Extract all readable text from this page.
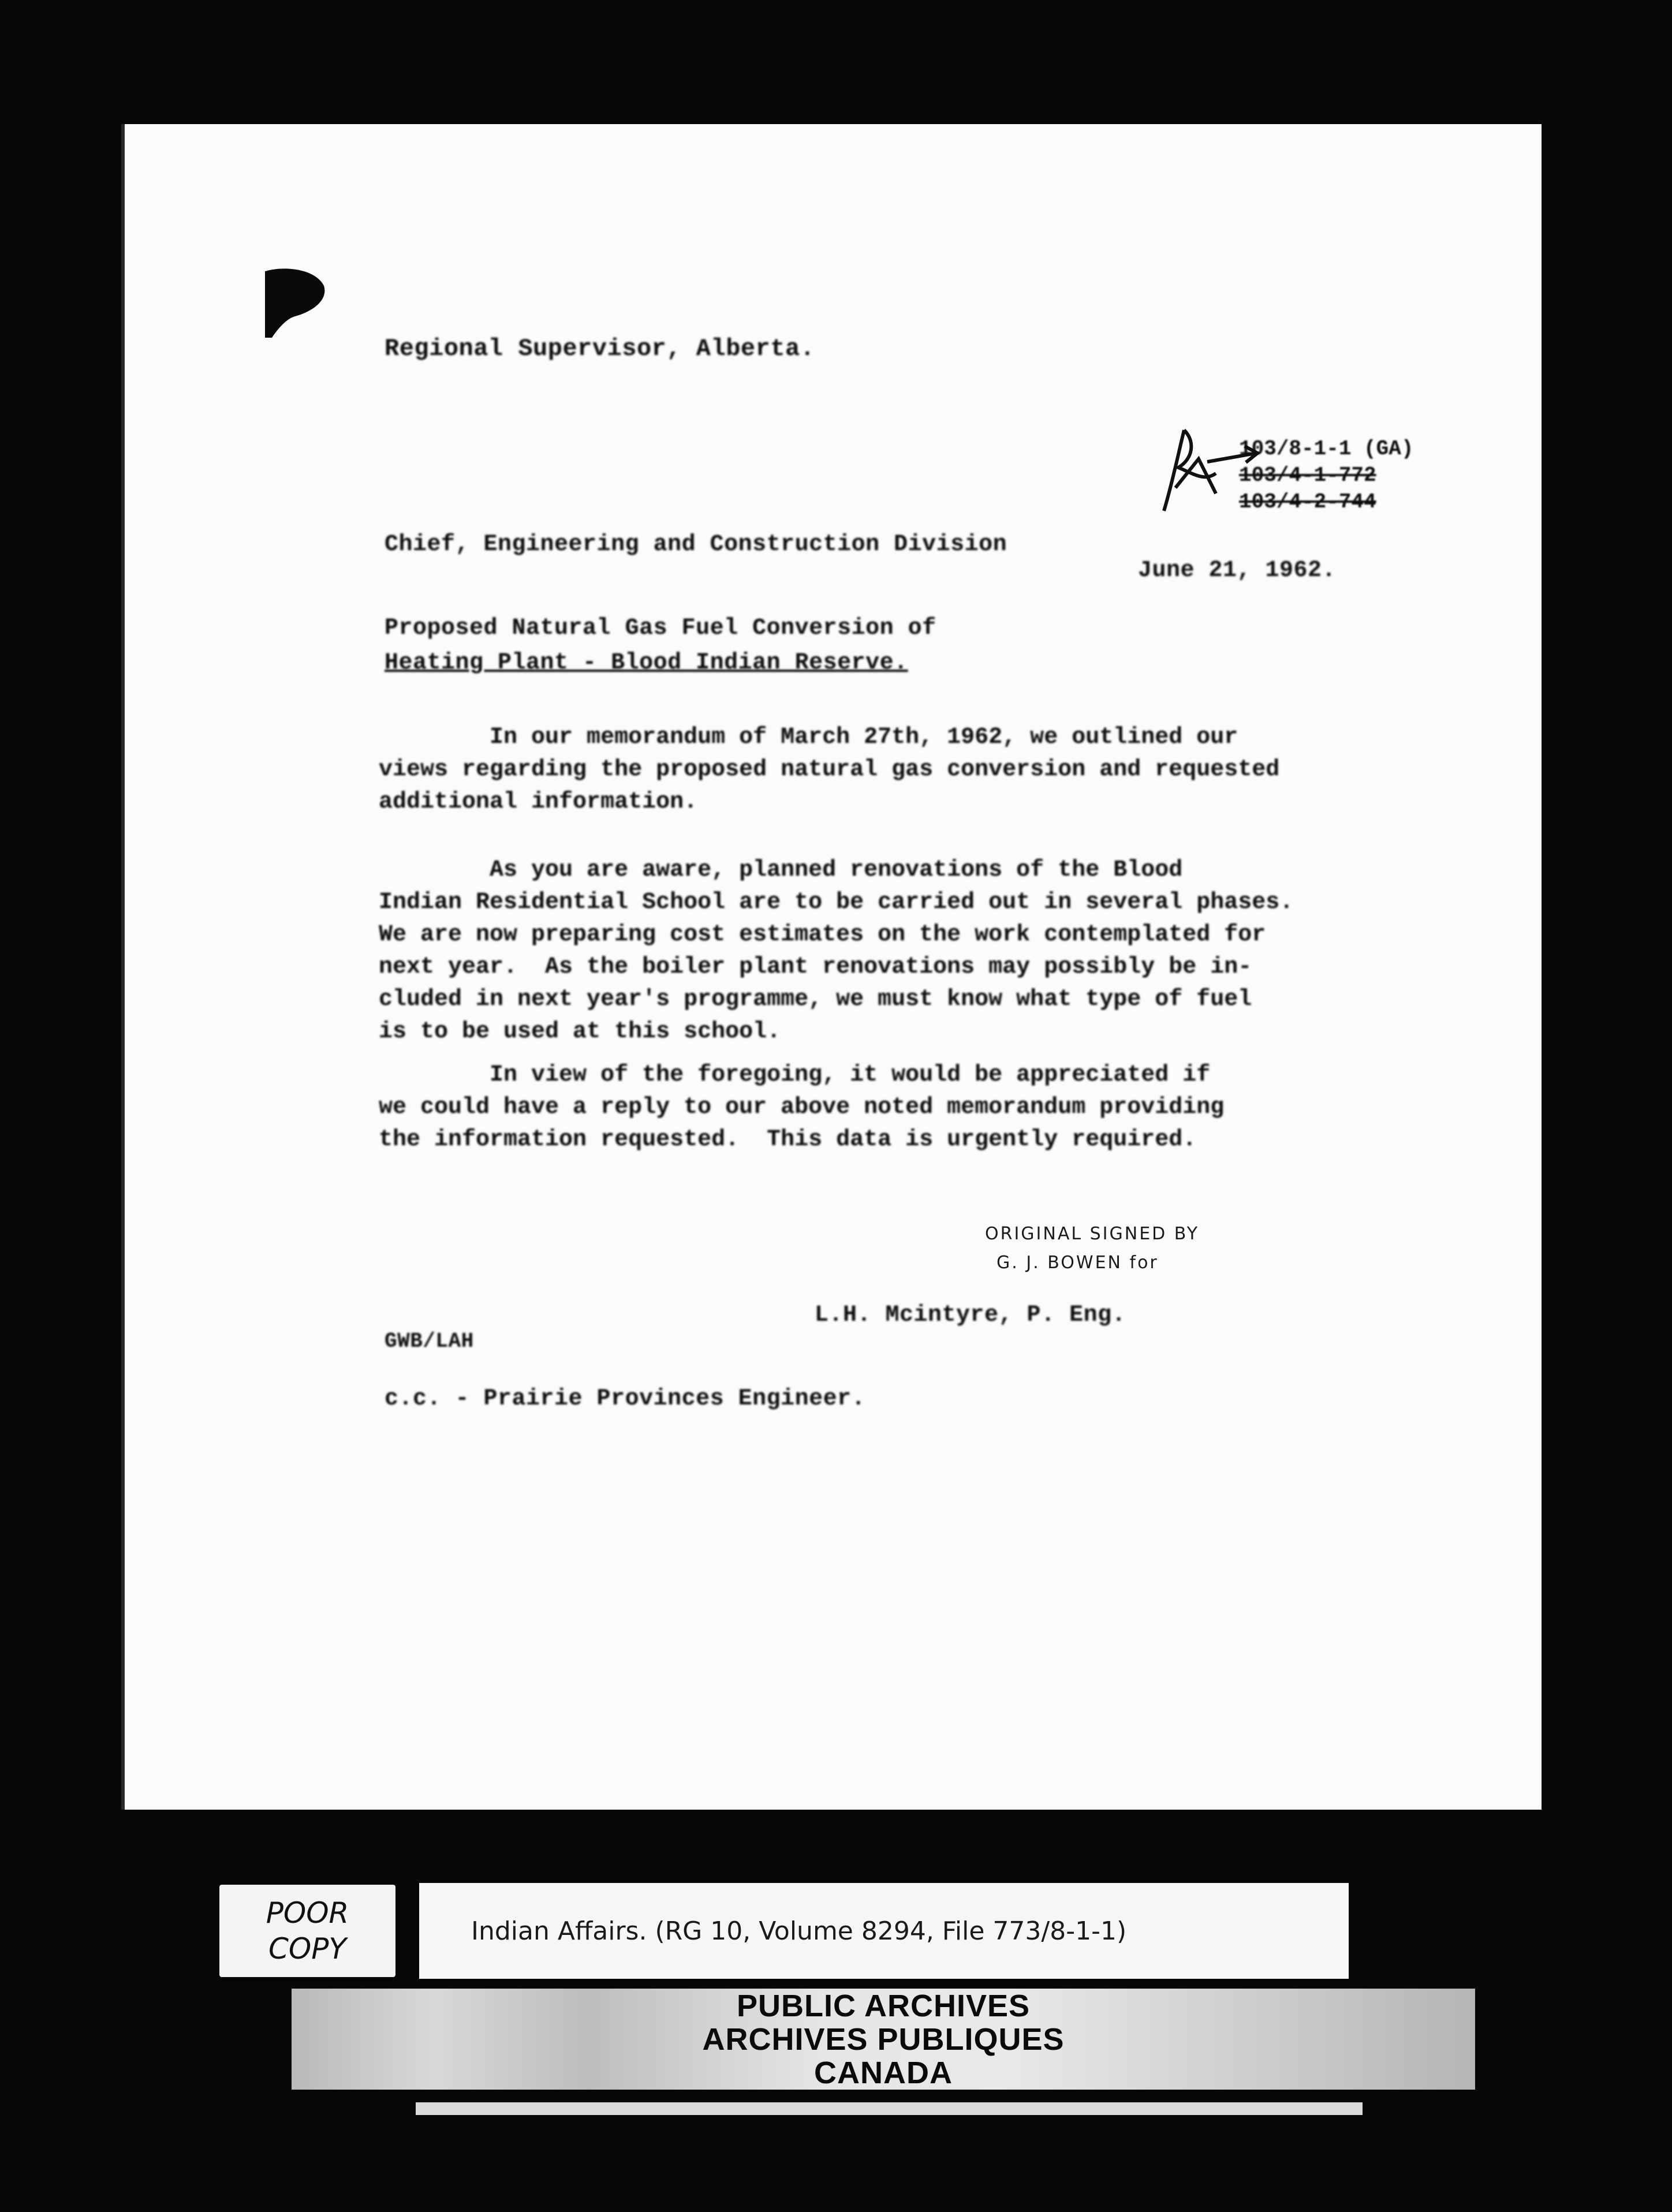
Regional Supervisor, Alberta.
103/8-1-1 (GA)
103/4-1-772
103/4-2-744
Chief, Engineering and Construction Division
June 21, 1962.
Proposed Natural Gas Fuel Conversion of
Heating Plant - Blood Indian Reserve.
In our memorandum of March 27th, 1962, we outlined our
views regarding the proposed natural gas conversion and requested
additional information.
As you are aware, planned renovations of the Blood
Indian Residential School are to be carried out in several phases.
We are now preparing cost estimates on the work contemplated for
next year.  As the boiler plant renovations may possibly be in-
cluded in next year's programme, we must know what type of fuel
is to be used at this school.
In view of the foregoing, it would be appreciated if
we could have a reply to our above noted memorandum providing
the information requested.  This data is urgently required.
ORIGINAL SIGNED BY
G. J. BOWEN for
L.H. Mcintyre, P. Eng.
GWB/LAH
c.c. - Prairie Provinces Engineer.
POOR
COPY
Indian Affairs. (RG 10, Volume 8294, File 773/8-1-1)
PUBLIC ARCHIVES
ARCHIVES PUBLIQUES
CANADA
